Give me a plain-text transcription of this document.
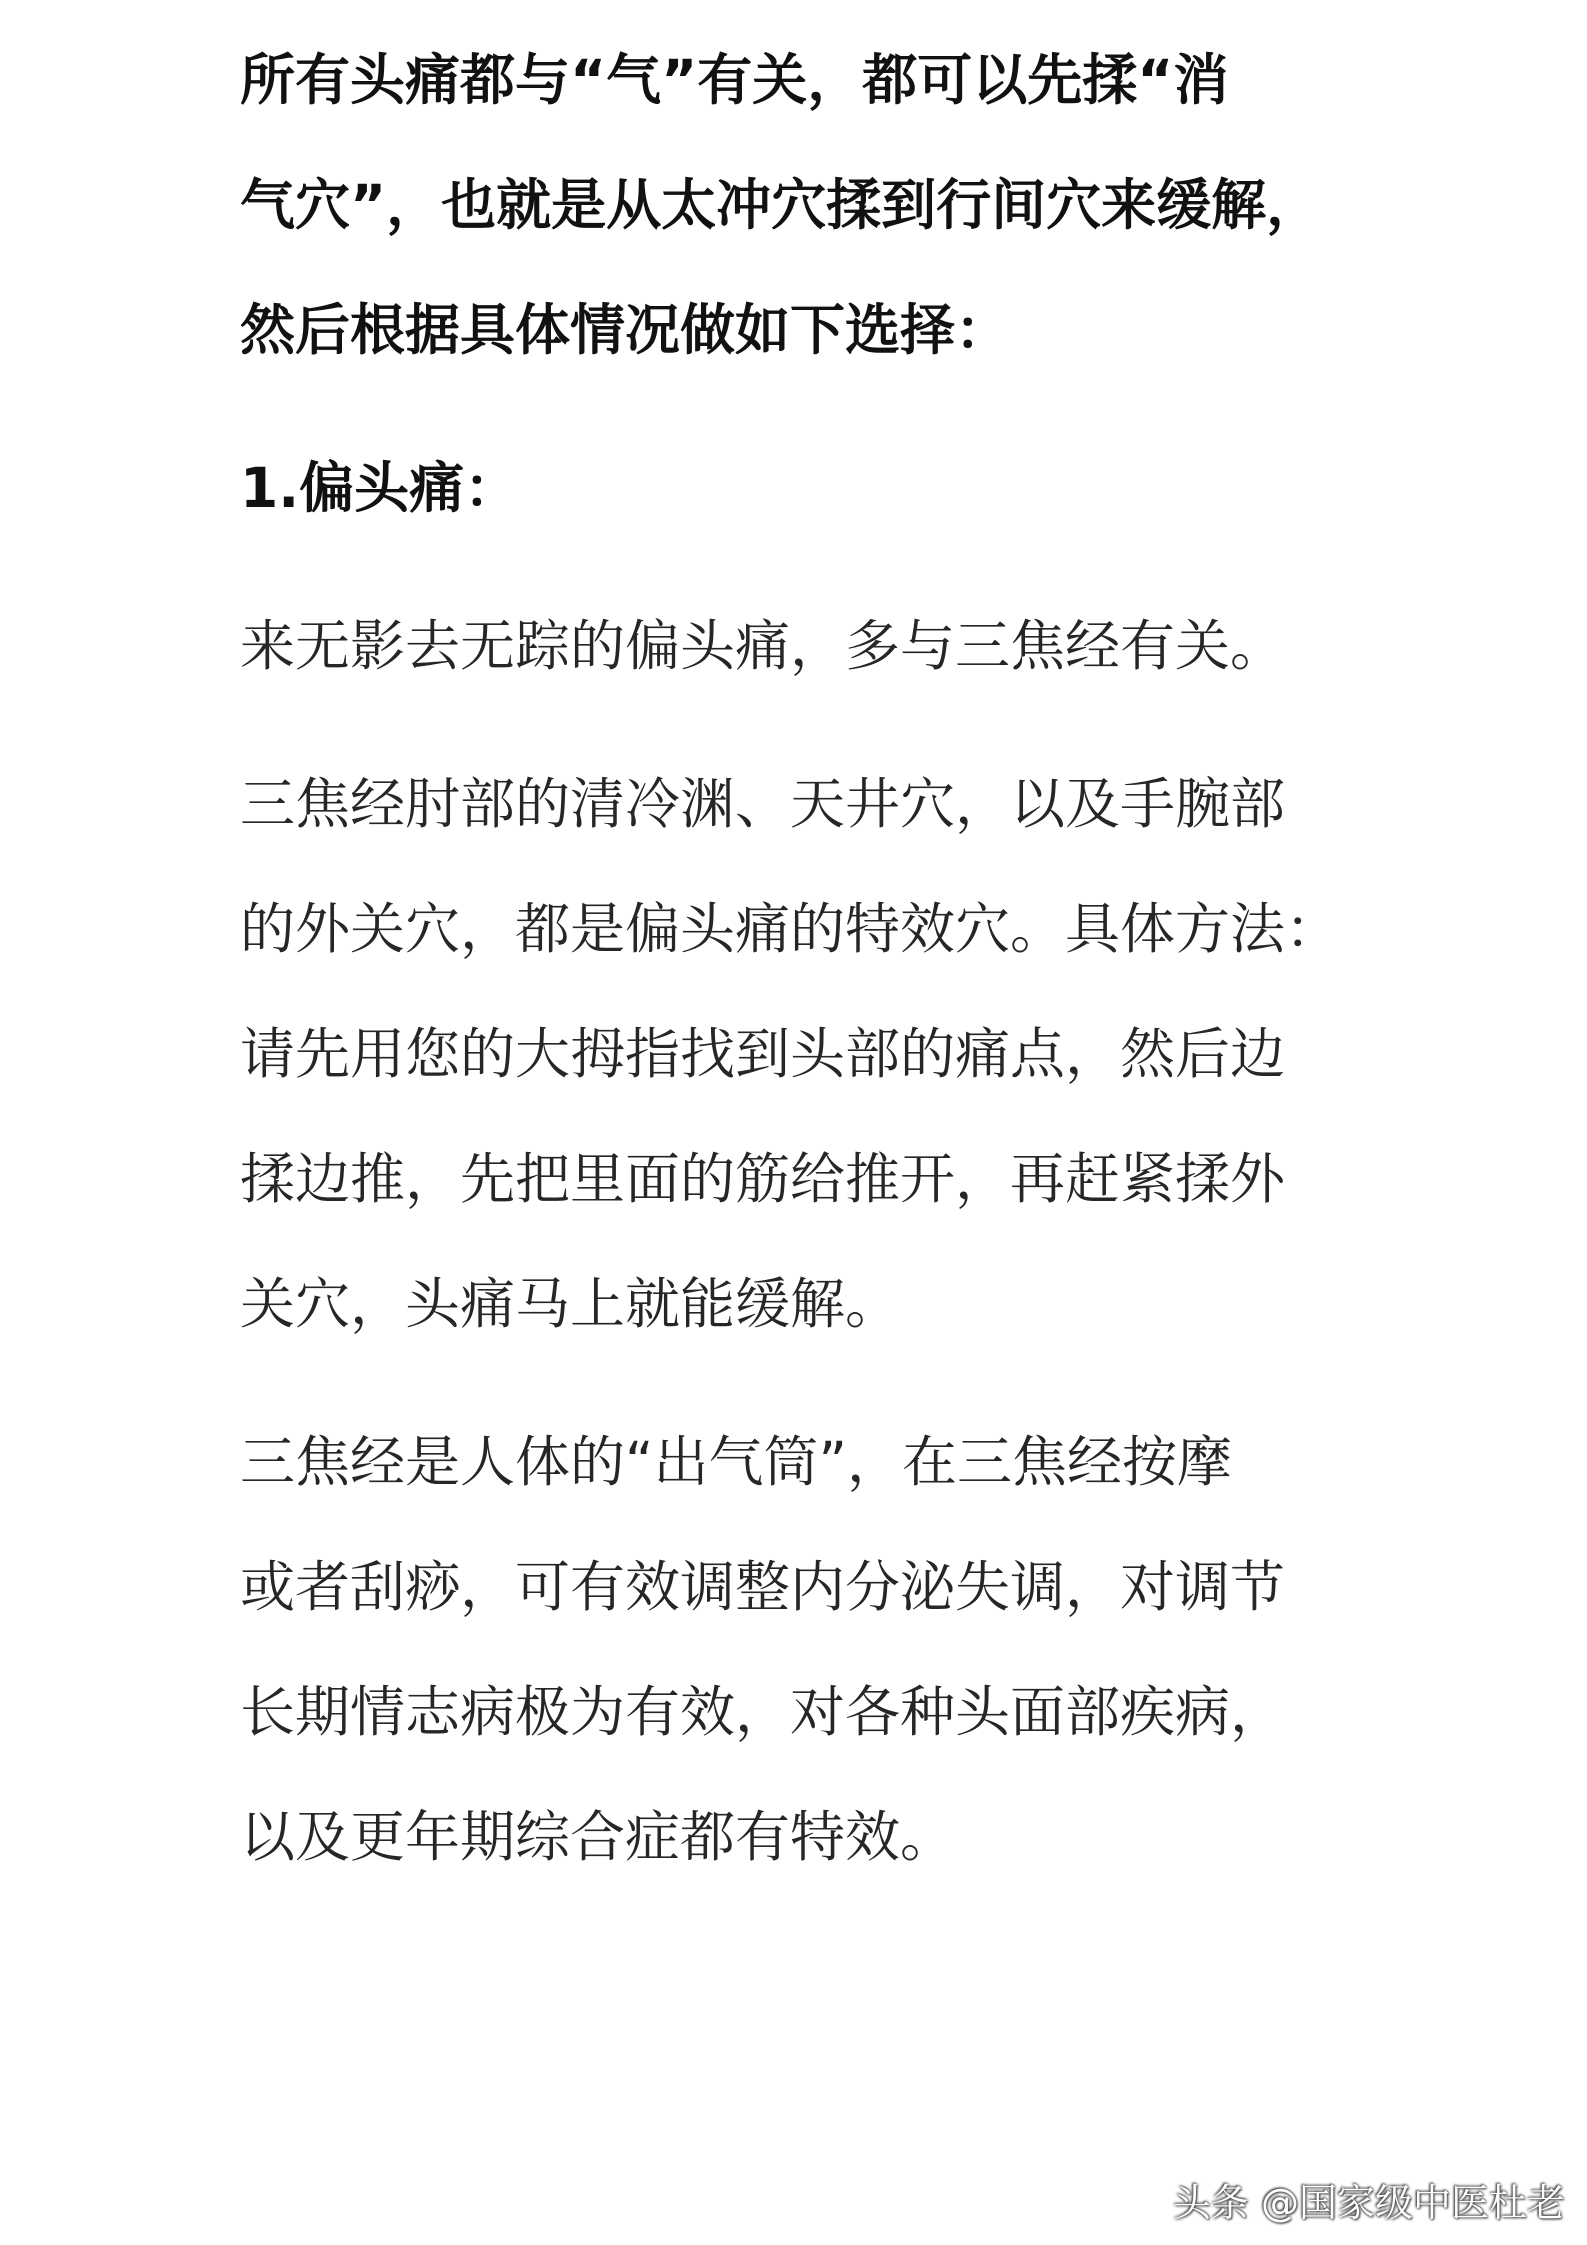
所有头痛都与“气”有关，都可以先揉“消
气穴”，也就是从太冲穴揉到行间穴来缓解，
然后根据具体情况做如下选择：

1.偏头痛：

来无影去无踪的偏头痛，多与三焦经有关。

三焦经肘部的清冷渊、天井穴，以及手腕部
的外关穴，都是偏头痛的特效穴。具体方法：
请先用您的大拇指找到头部的痛点，然后边
揉边推，先把里面的筋给推开，再赶紧揉外
关穴，头痛马上就能缓解。

三焦经是人体的“出气筒”，在三焦经按摩
或者刮痧，可有效调整内分泌失调，对调节
长期情志病极为有效，对各种头面部疾病，
以及更年期综合症都有特效。

头条 @国家级中医杜老
